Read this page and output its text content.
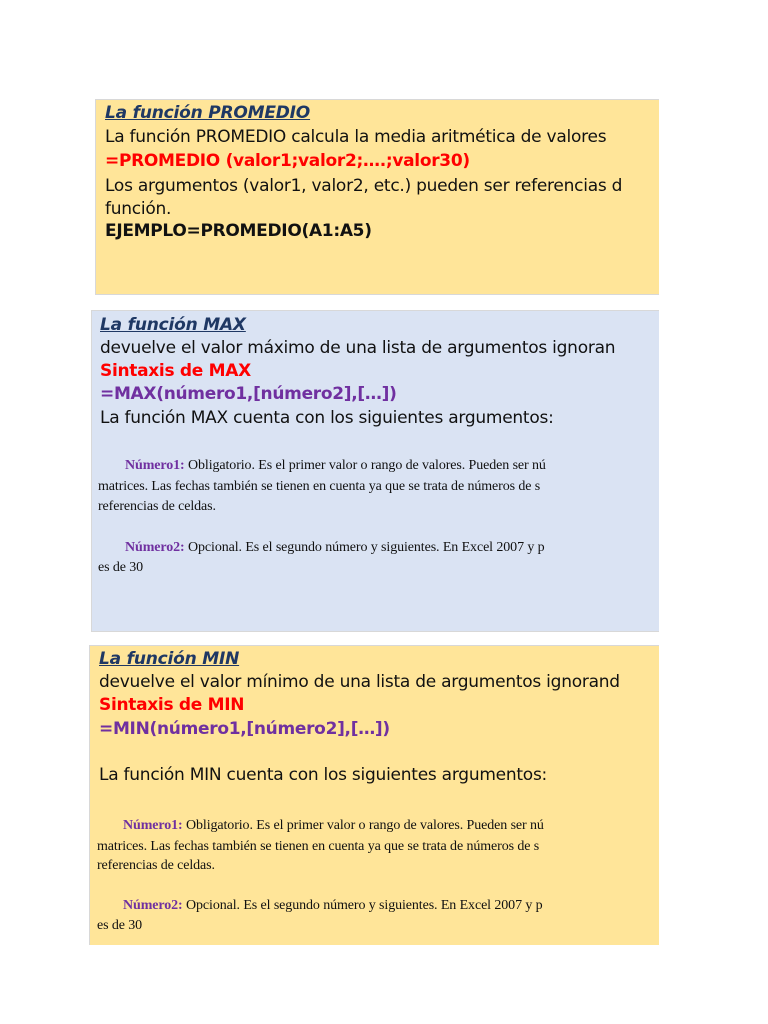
La función PROMEDIO
La función PROMEDIO calcula la media aritmética de valores
=PROMEDIO (valor1;valor2;….;valor30)
Los argumentos (valor1, valor2, etc.) pueden ser referencias d
función.
EJEMPLO=PROMEDIO(A1:A5)
La función MAX
devuelve el valor máximo de una lista de argumentos ignoran
Sintaxis de MAX
=MAX(número1,[número2],[…])
La función MAX cuenta con los siguientes argumentos:
Número1: Obligatorio. Es el primer valor o rango de valores. Pueden ser nú
matrices. Las fechas también se tienen en cuenta ya que se trata de números de s
referencias de celdas.
Número2: Opcional. Es el segundo número y siguientes. En Excel 2007 y p
es de 30
La función MIN
devuelve el valor mínimo de una lista de argumentos ignorand
Sintaxis de MIN
=MIN(número1,[número2],[…])
La función MIN cuenta con los siguientes argumentos:
Número1: Obligatorio. Es el primer valor o rango de valores. Pueden ser nú
matrices. Las fechas también se tienen en cuenta ya que se trata de números de s
referencias de celdas.
Número2: Opcional. Es el segundo número y siguientes. En Excel 2007 y p
es de 30
